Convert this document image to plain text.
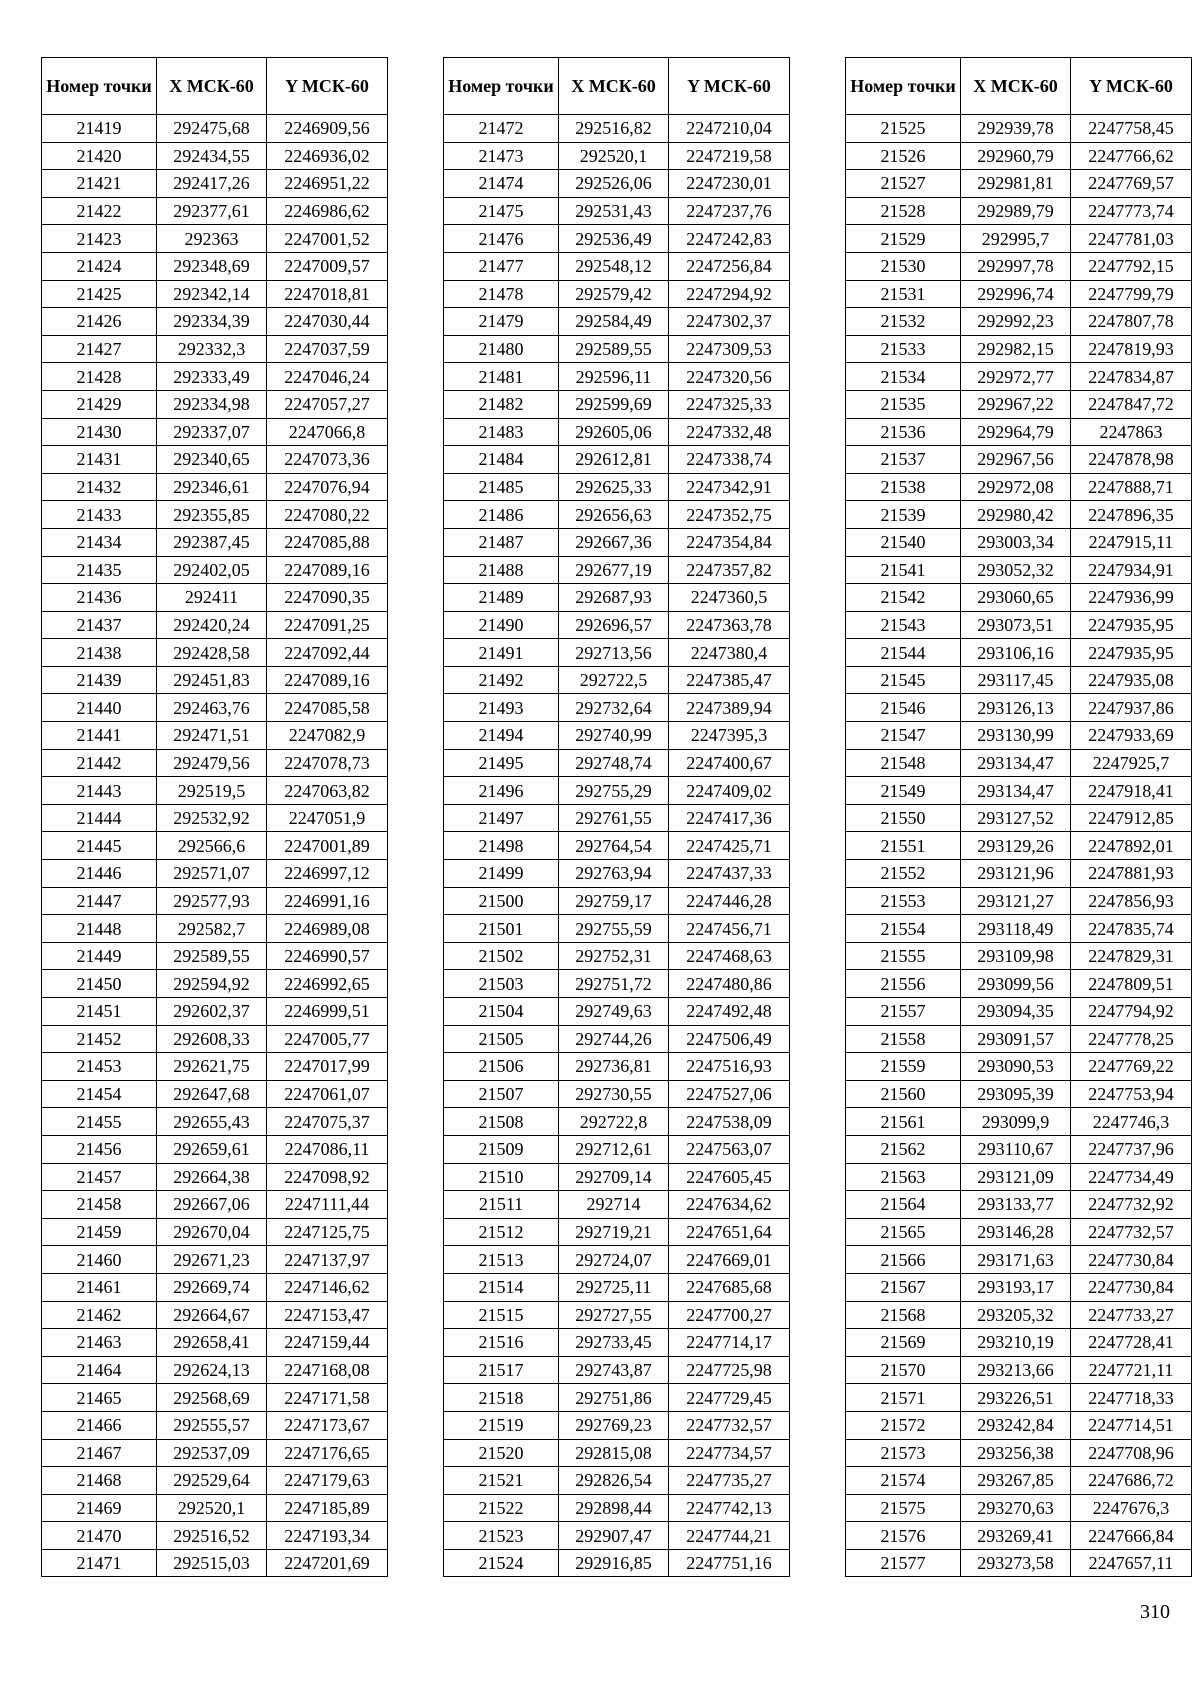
Номер точки	X МСК-60	Y МСК-60
21419	292475,68	2246909,56
21420	292434,55	2246936,02
21421	292417,26	2246951,22
21422	292377,61	2246986,62
21423	292363	2247001,52
21424	292348,69	2247009,57
21425	292342,14	2247018,81
21426	292334,39	2247030,44
21427	292332,3	2247037,59
21428	292333,49	2247046,24
21429	292334,98	2247057,27
21430	292337,07	2247066,8
21431	292340,65	2247073,36
21432	292346,61	2247076,94
21433	292355,85	2247080,22
21434	292387,45	2247085,88
21435	292402,05	2247089,16
21436	292411	2247090,35
21437	292420,24	2247091,25
21438	292428,58	2247092,44
21439	292451,83	2247089,16
21440	292463,76	2247085,58
21441	292471,51	2247082,9
21442	292479,56	2247078,73
21443	292519,5	2247063,82
21444	292532,92	2247051,9
21445	292566,6	2247001,89
21446	292571,07	2246997,12
21447	292577,93	2246991,16
21448	292582,7	2246989,08
21449	292589,55	2246990,57
21450	292594,92	2246992,65
21451	292602,37	2246999,51
21452	292608,33	2247005,77
21453	292621,75	2247017,99
21454	292647,68	2247061,07
21455	292655,43	2247075,37
21456	292659,61	2247086,11
21457	292664,38	2247098,92
21458	292667,06	2247111,44
21459	292670,04	2247125,75
21460	292671,23	2247137,97
21461	292669,74	2247146,62
21462	292664,67	2247153,47
21463	292658,41	2247159,44
21464	292624,13	2247168,08
21465	292568,69	2247171,58
21466	292555,57	2247173,67
21467	292537,09	2247176,65
21468	292529,64	2247179,63
21469	292520,1	2247185,89
21470	292516,52	2247193,34
21471	292515,03	2247201,69
Номер точки	X МСК-60	Y МСК-60
21472	292516,82	2247210,04
21473	292520,1	2247219,58
21474	292526,06	2247230,01
21475	292531,43	2247237,76
21476	292536,49	2247242,83
21477	292548,12	2247256,84
21478	292579,42	2247294,92
21479	292584,49	2247302,37
21480	292589,55	2247309,53
21481	292596,11	2247320,56
21482	292599,69	2247325,33
21483	292605,06	2247332,48
21484	292612,81	2247338,74
21485	292625,33	2247342,91
21486	292656,63	2247352,75
21487	292667,36	2247354,84
21488	292677,19	2247357,82
21489	292687,93	2247360,5
21490	292696,57	2247363,78
21491	292713,56	2247380,4
21492	292722,5	2247385,47
21493	292732,64	2247389,94
21494	292740,99	2247395,3
21495	292748,74	2247400,67
21496	292755,29	2247409,02
21497	292761,55	2247417,36
21498	292764,54	2247425,71
21499	292763,94	2247437,33
21500	292759,17	2247446,28
21501	292755,59	2247456,71
21502	292752,31	2247468,63
21503	292751,72	2247480,86
21504	292749,63	2247492,48
21505	292744,26	2247506,49
21506	292736,81	2247516,93
21507	292730,55	2247527,06
21508	292722,8	2247538,09
21509	292712,61	2247563,07
21510	292709,14	2247605,45
21511	292714	2247634,62
21512	292719,21	2247651,64
21513	292724,07	2247669,01
21514	292725,11	2247685,68
21515	292727,55	2247700,27
21516	292733,45	2247714,17
21517	292743,87	2247725,98
21518	292751,86	2247729,45
21519	292769,23	2247732,57
21520	292815,08	2247734,57
21521	292826,54	2247735,27
21522	292898,44	2247742,13
21523	292907,47	2247744,21
21524	292916,85	2247751,16
Номер точки	X МСК-60	Y МСК-60
21525	292939,78	2247758,45
21526	292960,79	2247766,62
21527	292981,81	2247769,57
21528	292989,79	2247773,74
21529	292995,7	2247781,03
21530	292997,78	2247792,15
21531	292996,74	2247799,79
21532	292992,23	2247807,78
21533	292982,15	2247819,93
21534	292972,77	2247834,87
21535	292967,22	2247847,72
21536	292964,79	2247863
21537	292967,56	2247878,98
21538	292972,08	2247888,71
21539	292980,42	2247896,35
21540	293003,34	2247915,11
21541	293052,32	2247934,91
21542	293060,65	2247936,99
21543	293073,51	2247935,95
21544	293106,16	2247935,95
21545	293117,45	2247935,08
21546	293126,13	2247937,86
21547	293130,99	2247933,69
21548	293134,47	2247925,7
21549	293134,47	2247918,41
21550	293127,52	2247912,85
21551	293129,26	2247892,01
21552	293121,96	2247881,93
21553	293121,27	2247856,93
21554	293118,49	2247835,74
21555	293109,98	2247829,31
21556	293099,56	2247809,51
21557	293094,35	2247794,92
21558	293091,57	2247778,25
21559	293090,53	2247769,22
21560	293095,39	2247753,94
21561	293099,9	2247746,3
21562	293110,67	2247737,96
21563	293121,09	2247734,49
21564	293133,77	2247732,92
21565	293146,28	2247732,57
21566	293171,63	2247730,84
21567	293193,17	2247730,84
21568	293205,32	2247733,27
21569	293210,19	2247728,41
21570	293213,66	2247721,11
21571	293226,51	2247718,33
21572	293242,84	2247714,51
21573	293256,38	2247708,96
21574	293267,85	2247686,72
21575	293270,63	2247676,3
21576	293269,41	2247666,84
21577	293273,58	2247657,11
310
